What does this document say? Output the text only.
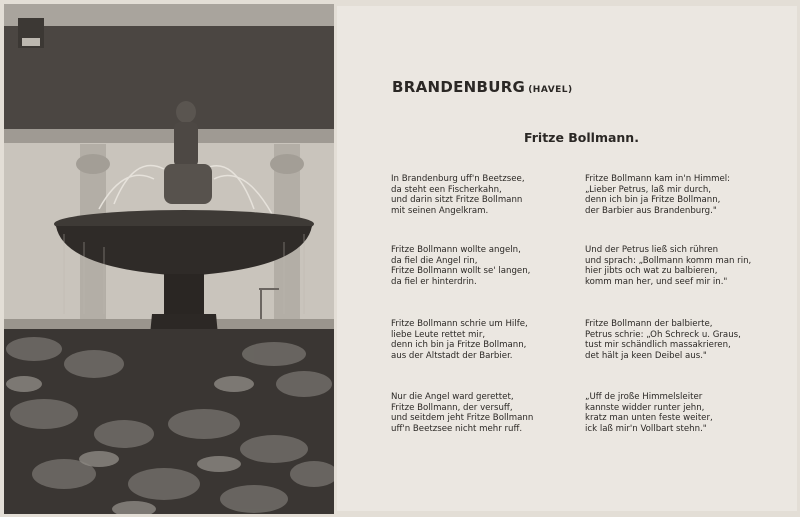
BRANDENBURG (HAVEL)
Fritze Bollmann.
In Brandenburg uff'n Beetzsee,
da steht een Fischerkahn,
und darin sitzt Fritze Bollmann
mit seinen Angelkram.
Fritze Bollmann wollte angeln,
da fiel die Angel rin,
Fritze Bollmann wollt se' langen,
da fiel er hinterdrin.
Fritze Bollmann schrie um Hilfe,
liebe Leute rettet mir,
denn ich bin ja Fritze Bollmann,
aus der Altstadt der Barbier.
Nur die Angel ward gerettet,
Fritze Bollmann, der versuff,
und seitdem jeht Fritze Bollmann
uff'n Beetzsee nicht mehr ruff.
Fritze Bollmann kam in'n Himmel:
„Lieber Petrus, laß mir durch,
denn ich bin ja Fritze Bollmann,
der Barbier aus Brandenburg."
Und der Petrus ließ sich rühren
und sprach: „Bollmann komm man rin,
hier jibts och wat zu balbieren,
komm man her, und seef mir in."
Fritze Bollmann der balbierte,
Petrus schrie: „Oh Schreck u. Graus,
tust mir schändlich massakrieren,
det hält ja keen Deibel aus."
„Uff de jroße Himmelsleiter
kannste widder runter jehn,
kratz man unten feste weiter,
ick laß mir'n Vollbart stehn."
